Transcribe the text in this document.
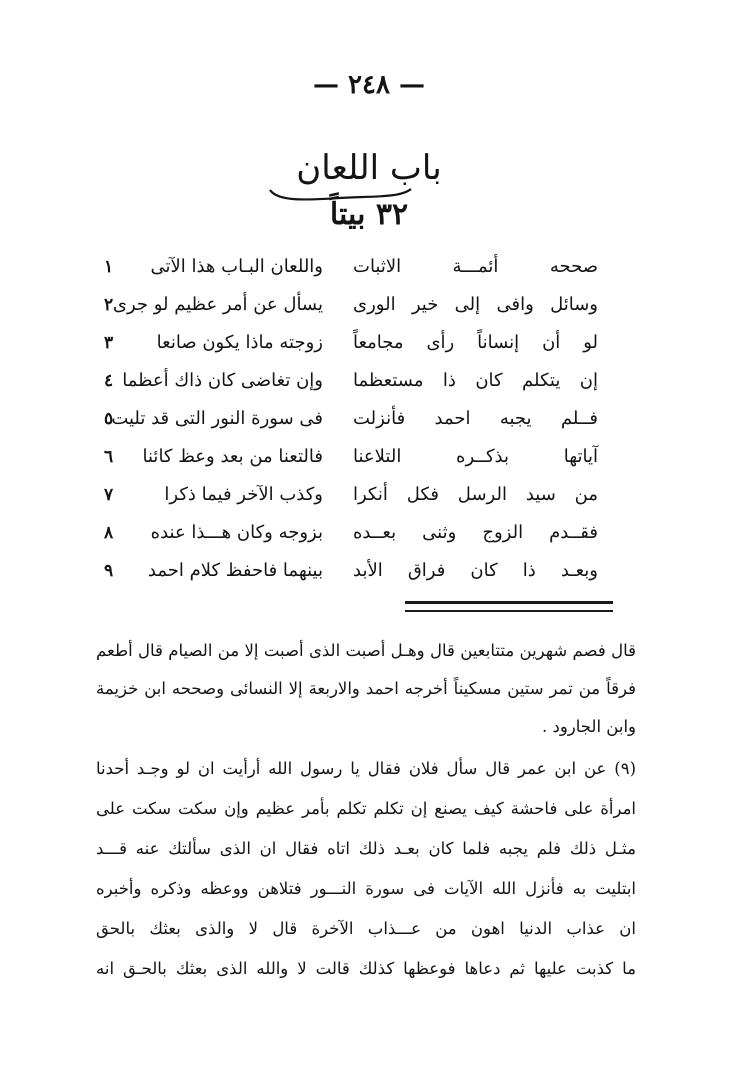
— ٢٤٨ —
باب اللعان
٣٢ بيتاً
صححه أئمـــة الاثبات
واللعان البـاب هذا الآتى
١
وسائل وافى إلى خير الورى
يسأل عن أمر عظيم لو جرى
٢
لو أن إنساناً رأى مجامعاً
زوجته ماذا يكون صانعا
٣
إن يتكلم كان ذا مستعظما
وإن تغاضى كان ذاك أعظما
٤
فــلم يجبه احمد فأنزلت
فى سورة النور التى قد تليت
٥
آياتها بذكــره التلاعنا
فالتعنا من بعد وعظ كائنا
٦
من سيد الرسل فكل أنكرا
وكذب الآخر فيما ذكرا
٧
فقــدم الزوج وثنى بعــده
بزوجه وكان هـــذا عنده
٨
وبعـد ذا كان فراق الأبد
بينهما فاحفظ كلام احمد
٩
قال فصم شهرين متتابعين قال وهـل أصبت الذى أصبت إلا من الصيام قال أطعم
فرقاً من تمر ستين مسكيناً أخرجه احمد والاربعة إلا النسائى وصححه ابن خزيمة
وابن الجارود .
(٩) عن ابن عمر قال سأل فلان فقال يا رسول الله أرأيت ان لو وجـد أحدنا
امرأة على فاحشة كيف يصنع إن تكلم تكلم بأمر عظيم وإن سكت سكت على
مثـل ذلك فلم يجبه فلما كان بعـد ذلك اتاه فقال ان الذى سألتك عنه قـــد
ابتليت به فأنزل الله الآيات فى سورة النـــور فتلاهن ووعظه وذكره وأخبره
ان عذاب الدنيا اهون من عـــذاب الآخرة قال لا والذى بعثك بالحق
ما كذبت عليها ثم دعاها فوعظها كذلك قالت لا والله الذى بعثك بالحـق انه
